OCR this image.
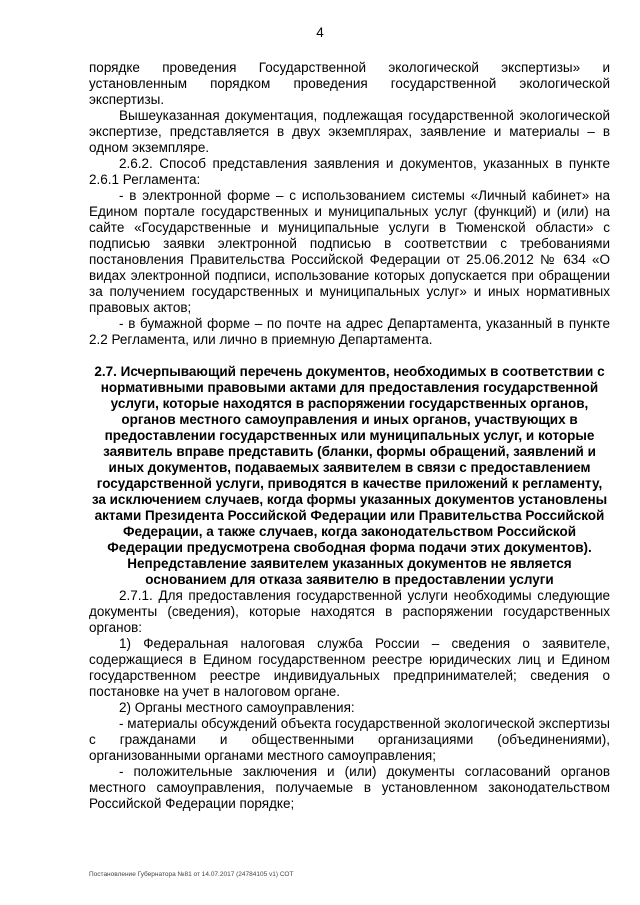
4

порядке проведения Государственной экологической экспертизы» и установленным порядком проведения государственной экологической экспертизы.

Вышеуказанная документация, подлежащая государственной экологической экспертизе, представляется в двух экземплярах, заявление и материалы – в одном экземпляре.

2.6.2. Способ представления заявления и документов, указанных в пункте 2.6.1 Регламента:

- в электронной форме – с использованием системы «Личный кабинет» на Едином портале государственных и муниципальных услуг (функций) и (или) на сайте «Государственные и муниципальные услуги в Тюменской области» с подписью заявки электронной подписью в соответствии с требованиями постановления Правительства Российской Федерации от 25.06.2012 № 634 «О видах электронной подписи, использование которых допускается при обращении за получением государственных и муниципальных услуг» и иных нормативных правовых актов;

- в бумажной форме – по почте на адрес Департамента, указанный в пункте 2.2 Регламента, или лично в приемную Департамента.

2.7. Исчерпывающий перечень документов, необходимых в соответствии с нормативными правовыми актами для предоставления государственной услуги, которые находятся в распоряжении государственных органов, органов местного самоуправления и иных органов, участвующих в предоставлении государственных или муниципальных услуг, и которые заявитель вправе представить (бланки, формы обращений, заявлений и иных документов, подаваемых заявителем в связи с предоставлением государственной услуги, приводятся в качестве приложений к регламенту, за исключением случаев, когда формы указанных документов установлены актами Президента Российской Федерации или Правительства Российской Федерации, а также случаев, когда законодательством Российской Федерации предусмотрена свободная форма подачи этих документов). Непредставление заявителем указанных документов не является основанием для отказа заявителю в предоставлении услуги

2.7.1. Для предоставления государственной услуги необходимы следующие документы (сведения), которые находятся в распоряжении государственных органов:

1) Федеральная налоговая служба России – сведения о заявителе, содержащиеся в Едином государственном реестре юридических лиц и Едином государственном реестре индивидуальных предпринимателей; сведения о постановке на учет в налоговом органе.

2) Органы местного самоуправления:

- материалы обсуждений объекта государственной экологической экспертизы с гражданами и общественными организациями (объединениями), организованными органами местного самоуправления;

- положительные заключения и (или) документы согласований органов местного самоуправления, получаемые в установленном законодательством Российской Федерации порядке;

Постановление Губернатора №81 от 14.07.2017 (24784105 v1) СОТ
